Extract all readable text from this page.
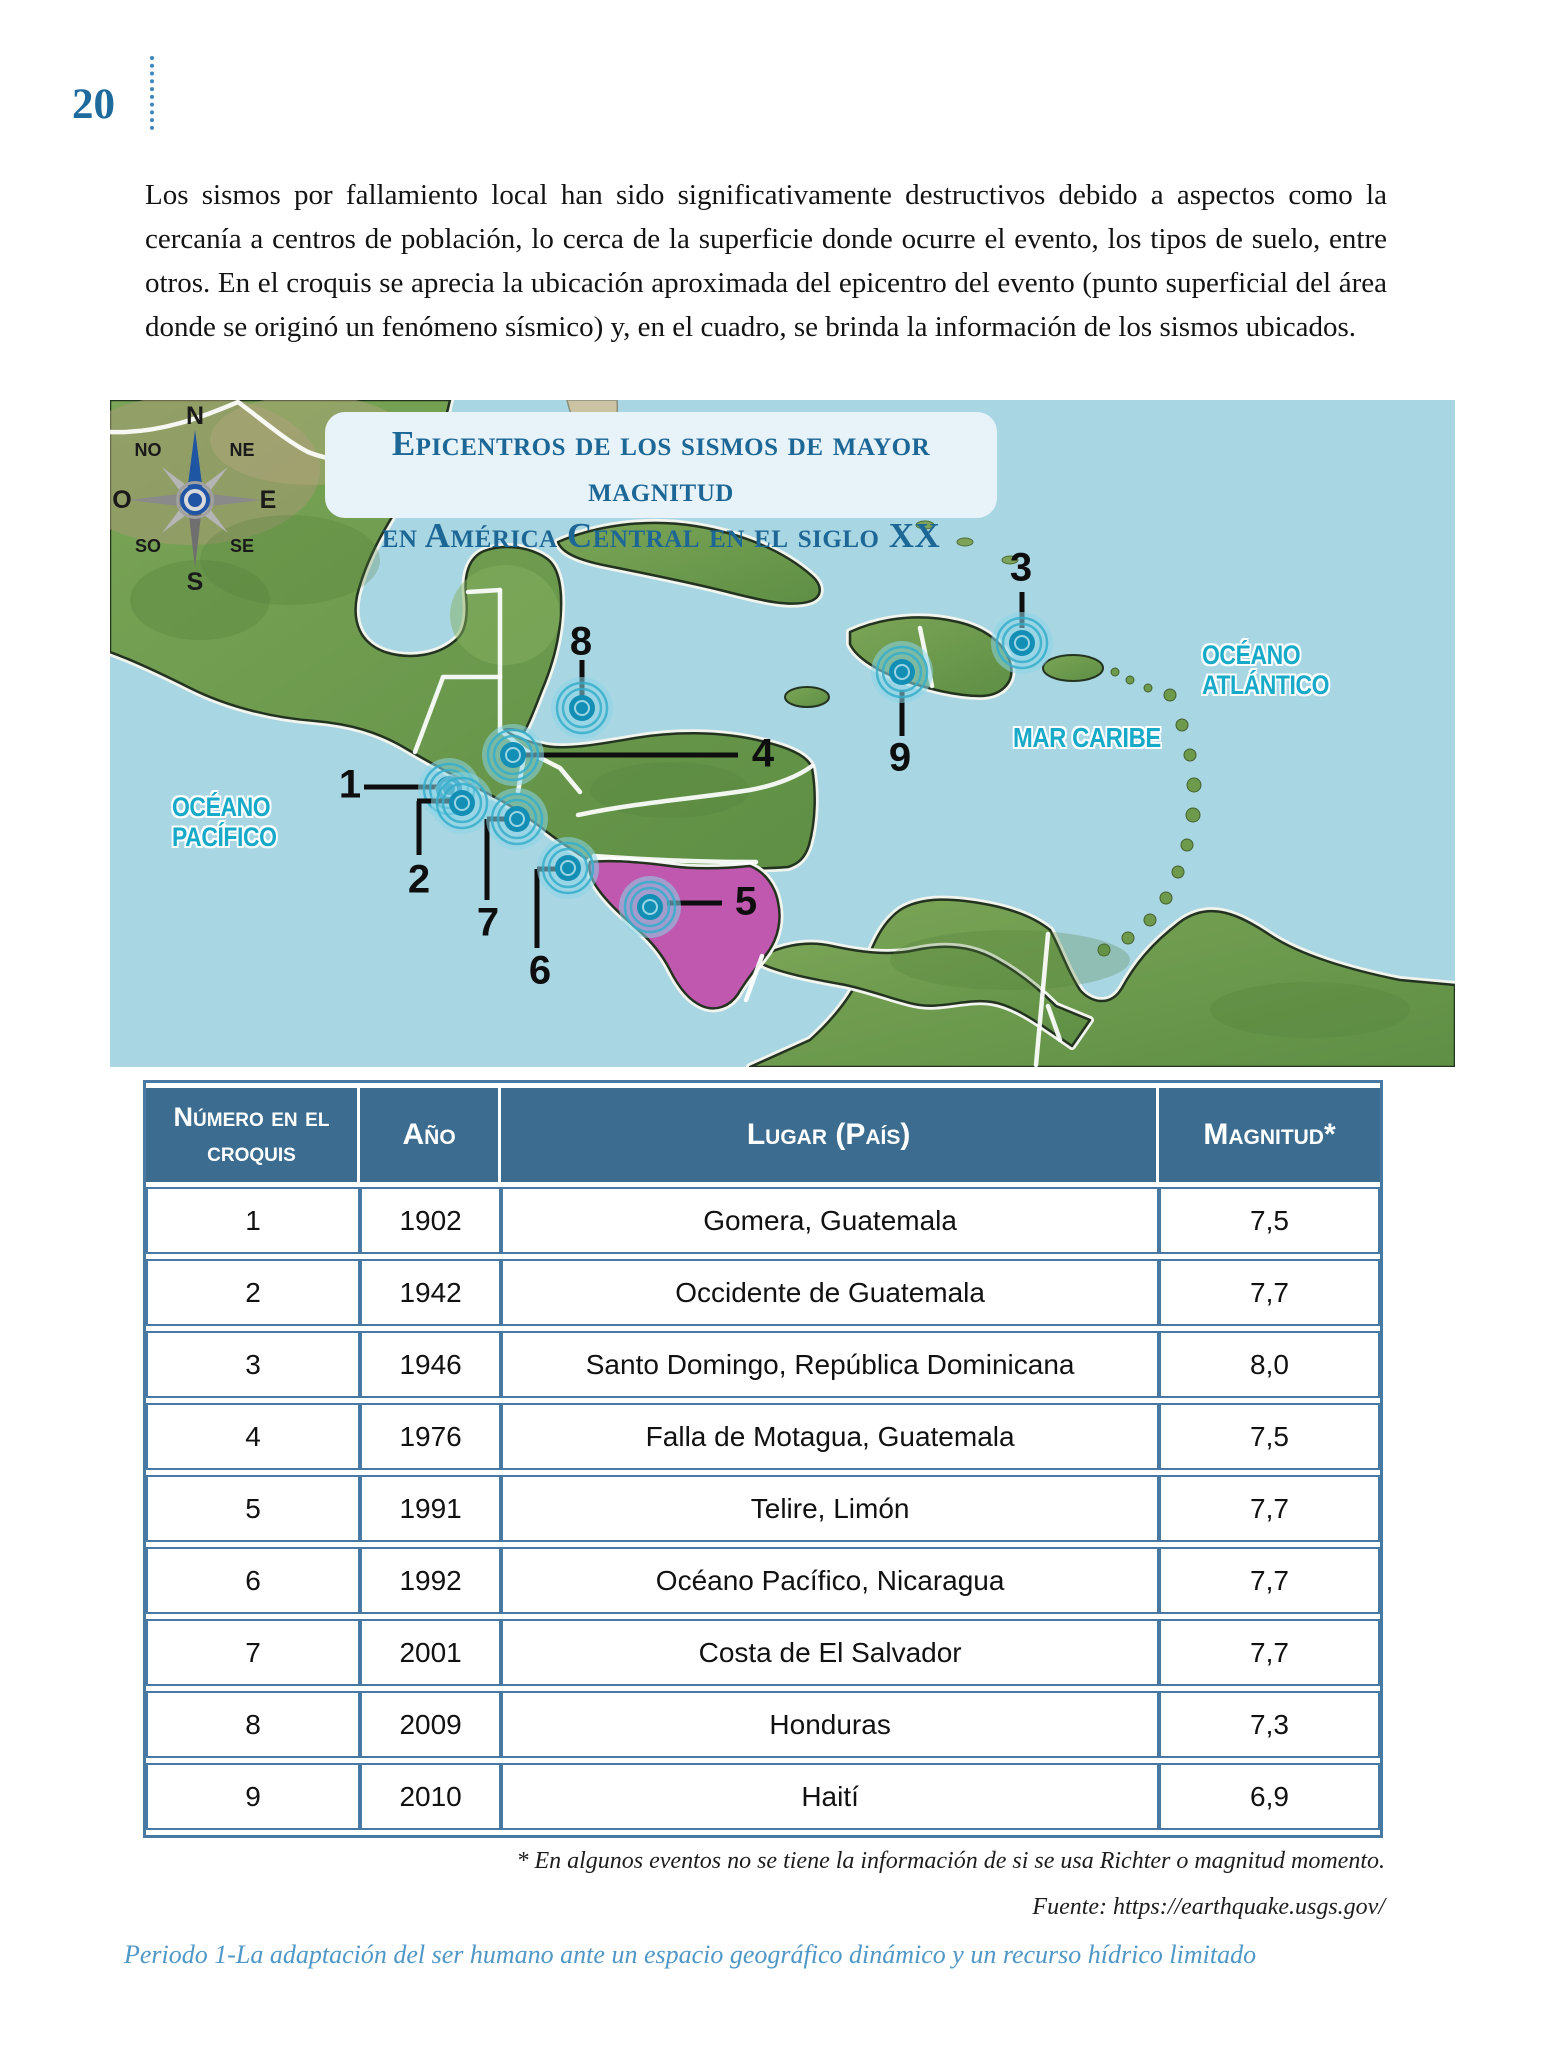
20

Los sismos por fallamiento local han sido significativamente destructivos debido a aspectos como la cercanía a centros de población, lo cerca de la superficie donde ocurre el evento, los tipos de suelo, entre otros. En el croquis se aprecia la ubicación aproximada del epicentro del evento (punto superficial del área donde se originó un fenómeno sísmico) y, en el cuadro, se brinda la información de los sismos ubicados.

1
2
3
4
5
6
7
8
9
Epicentros de los sismos de mayor magnitud
en América Central en el siglo XX
OCÉANO
PACÍFICO
MAR CARIBE
OCÉANO
ATLÁNTICO
N
NE
E
SE
S
SO
O
NO
Número en el croquis	Año	Lugar (País)	Magnitud*
1	1902	Gomera, Guatemala	7,5
2	1942	Occidente de Guatemala	7,7
3	1946	Santo Domingo, República Dominicana	8,0
4	1976	Falla de Motagua, Guatemala	7,5
5	1991	Telire, Limón	7,7
6	1992	Océano Pacífico, Nicaragua	7,7
7	2001	Costa de El Salvador	7,7
8	2009	Honduras	7,3
9	2010	Haití	6,9
* En algunos eventos no se tiene la información de si se usa Richter o magnitud momento.
Fuente: https://earthquake.usgs.gov/
Periodo 1-La adaptación del ser humano ante un espacio geográfico dinámico y un recurso hídrico limitado
